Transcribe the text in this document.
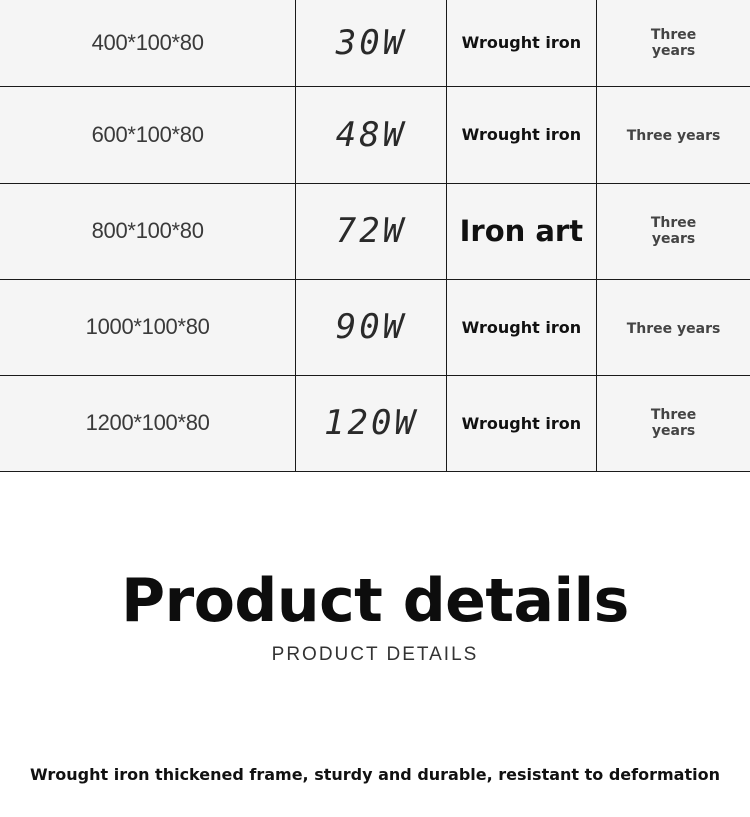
400*100*80	30W	Wrought iron	Three years
600*100*80	48W	Wrought iron	Three years
800*100*80	72W	Iron art	Three years
1000*100*80	90W	Wrought iron	Three years
1200*100*80	120W	Wrought iron	Three years
Product details
PRODUCT DETAILS
Wrought iron thickened frame, sturdy and durable, resistant to deformation
